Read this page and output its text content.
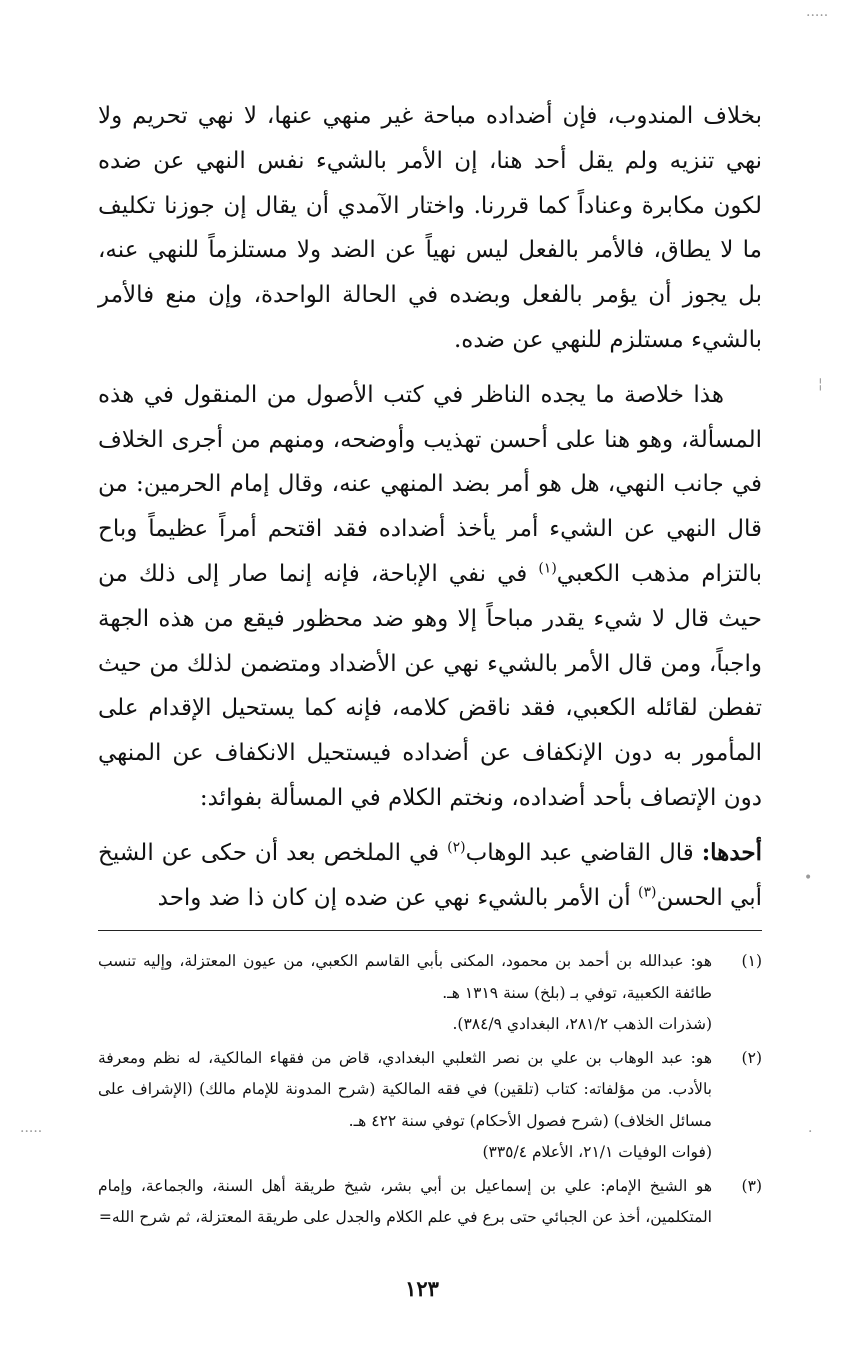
بخلاف المندوب، فإن أضداده مباحة غير منهي عنها، لا نهي تحريم ولا نهي تنزيه ولم يقل أحد هنا، إن الأمر بالشيء نفس النهي عن ضده لكون مكابرة وعناداً كما قررنا. واختار الآمدي أن يقال إن جوزنا تكليف ما لا يطاق، فالأمر بالفعل ليس نهياً عن الضد ولا مستلزماً للنهي عنه، بل يجوز أن يؤمر بالفعل وبضده في الحالة الواحدة، وإن منع فالأمر بالشيء مستلزم للنهي عن ضده.

هذا خلاصة ما يجده الناظر في كتب الأصول من المنقول في هذه المسألة، وهو هنا على أحسن تهذيب وأوضحه، ومنهم من أجرى الخلاف في جانب النهي، هل هو أمر بضد المنهي عنه، وقال إمام الحرمين: من قال النهي عن الشيء أمر يأخذ أضداده فقد اقتحم أمراً عظيماً وباح بالتزام مذهب الكعبي$^{(١)}$ في نفي الإباحة، فإنه إنما صار إلى ذلك من حيث قال لا شيء يقدر مباحاً إلا وهو ضد محظور فيقع من هذه الجهة واجباً، ومن قال الأمر بالشيء نهي عن الأضداد ومتضمن لذلك من حيث تفطن لقائله الكعبي، فقد ناقض كلامه، فإنه كما يستحيل الإقدام على المأمور به دون الإنكفاف عن أضداده فيستحيل الانكفاف عن المنهي دون الإتصاف بأحد أضداده، ونختم الكلام في المسألة بفوائد:

أحدها: قال القاضي عبد الوهاب$^{(٢)}$ في الملخص بعد أن حكى عن الشيخ أبي الحسن$^{(٣)}$ أن الأمر بالشيء نهي عن ضده إن كان ذا ضد واحد

(١)
هو: عبدالله بن أحمد بن محمود، المكنى بأبي القاسم الكعبي، من عيون المعتزلة، وإليه تنسب طائفة الكعبية، توفي بـ (بلخ) سنة ١٣١٩ هـ.
(شذرات الذهب ٢٨١/٢، البغدادي ٣٨٤/٩).
(٢)
هو: عبد الوهاب بن علي بن نصر الثعلبي البغدادي، قاض من فقهاء المالكية، له نظم ومعرفة بالأدب. من مؤلفاته: كتاب (تلقين) في فقه المالكية (شرح المدونة للإمام مالك) (الإشراف على مسائل الخلاف) (شرح فصول الأحكام) توفي سنة ٤٢٢ هـ.
(فوات الوفيات ٢١/١، الأعلام ٣٣٥/٤)
(٣)
هو الشيخ الإمام: علي بن إسماعيل بن أبي بشر، شيخ طريقة أهل السنة، والجماعة، وإمام المتكلمين، أخذ عن الجبائي حتى برع في علم الكلام والجدل على طريقة المعتزلة، ثم شرح الله=
١٢٣
.....
¦
•
·····	·
